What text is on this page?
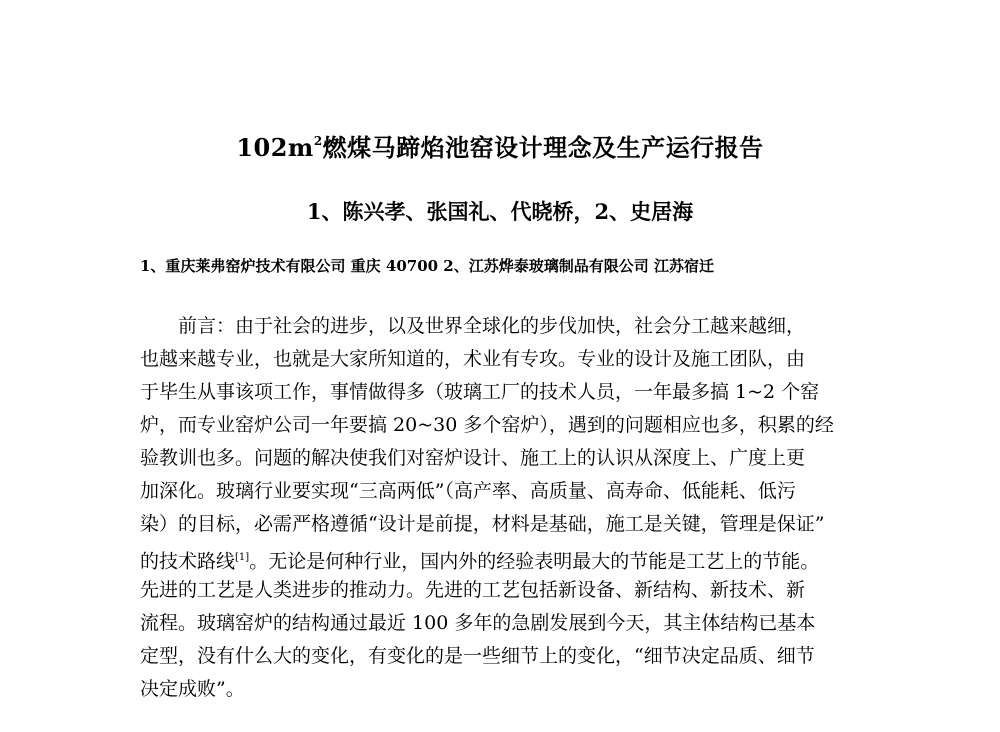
$102m^2$燃煤马蹄焰池窑设计理念及生产运行报告
1、陈兴孝、张国礼、代晓桥，2、史居海
1、重庆莱弗窑炉技术有限公司 重庆 40700 2、江苏烨泰玻璃制品有限公司 江苏宿迁
前言：由于社会的进步，以及世界全球化的步伐加快，社会分工越来越细，
也越来越专业，也就是大家所知道的，术业有专攻。专业的设计及施工团队，由
于毕生从事该项工作，事情做得多（玻璃工厂的技术人员，一年最多搞 1~2 个窑
炉，而专业窑炉公司一年要搞 20~30 多个窑炉），遇到的问题相应也多，积累的经
验教训也多。问题的解决使我们对窑炉设计、施工上的认识从深度上、广度上更
加深化。玻璃行业要实现“三高两低”（高产率、高质量、高寿命、低能耗、低污
染）的目标，必需严格遵循“设计是前提，材料是基础，施工是关键，管理是保证”
的技术路线[1]。无论是何种行业，国内外的经验表明最大的节能是工艺上的节能。
先进的工艺是人类进步的推动力。先进的工艺包括新设备、新结构、新技术、新
流程。玻璃窑炉的结构通过最近 100 多年的急剧发展到今天，其主体结构已基本
定型，没有什么大的变化，有变化的是一些细节上的变化，“细节决定品质、细节
决定成败”。
